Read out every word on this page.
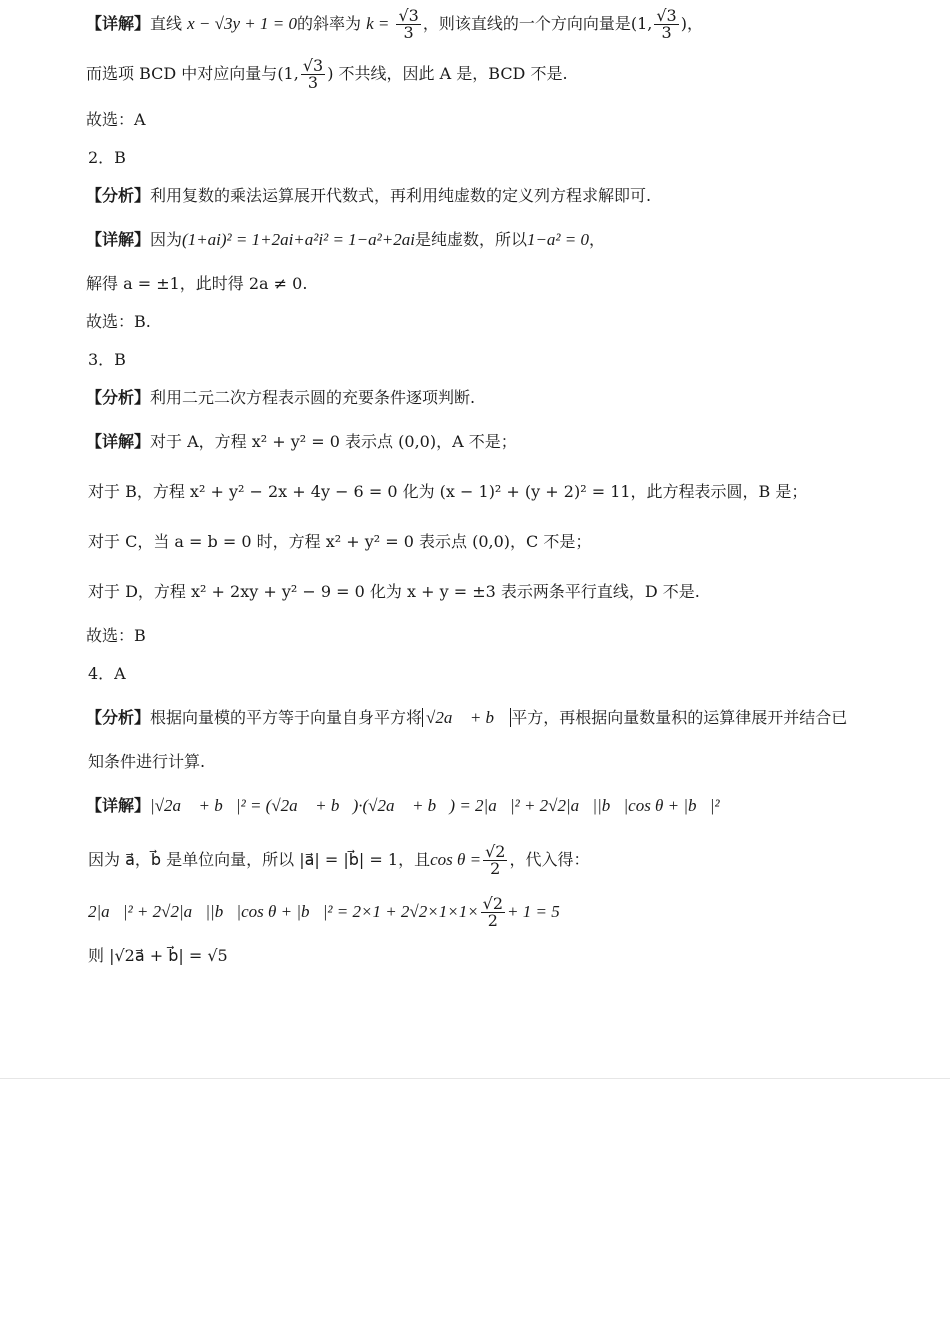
【详解】直线 x − √3y + 1 = 0的斜率为 $k = \frac{√3}{3}$ ，则该直线的一个方向向量是(1, $\frac{√3}{3}$ )，
而选项 BCD 中对应向量与(1, $\frac{√3}{3}$ ) 不共线，因此 A 是，BCD 不是.
故选：A
2．B
【分析】利用复数的乘法运算展开代数式，再利用纯虚数的定义列方程求解即可.
【详解】因为(1+ai)² = 1+2ai+a²i² = 1−a²+2ai是纯虚数，所以1−a² = 0，
解得 a = ±1，此时得 2a ≠ 0.
故选：B.
3．B
【分析】利用二元二次方程表示圆的充要条件逐项判断.
【详解】对于 A，方程 x² + y² = 0 表示点 (0,0)，A 不是；
对于 B，方程 x² + y² − 2x + 4y − 6 = 0 化为 (x − 1)² + (y + 2)² = 11，此方程表示圆，B 是；
对于 C，当 a = b = 0 时，方程 x² + y² = 0 表示点 (0,0)，C 不是；
对于 D，方程 x² + 2xy + y² − 9 = 0 化为 x + y = ±3 表示两条平行直线，D 不是.
故选：B
4．A
【分析】根据向量模的平方等于向量自身平方将 √2a⃗ + b⃗ 平方，再根据向量数量积的运算律展开并结合已
知条件进行计算.
【详解】|√2a⃗ + b⃗|² = (√2a⃗ + b⃗)·(√2a⃗ + b⃗) = 2|a⃗|² + 2√2|a⃗||b⃗|cos θ + |b⃗|²
因为 a⃗，b⃗ 是单位向量，所以 |a⃗| = |b⃗| = 1，且$\cos \theta = \frac{√2}{2}$ ，代入得：
2|a⃗|² + 2√2|a⃗||b⃗|cos θ + |b⃗|² = $2\times 1 + 2√2\times 1\times 1\times \frac{√2}{2} + 1 = 5$
则 |√2a⃗ + b⃗| = √5
